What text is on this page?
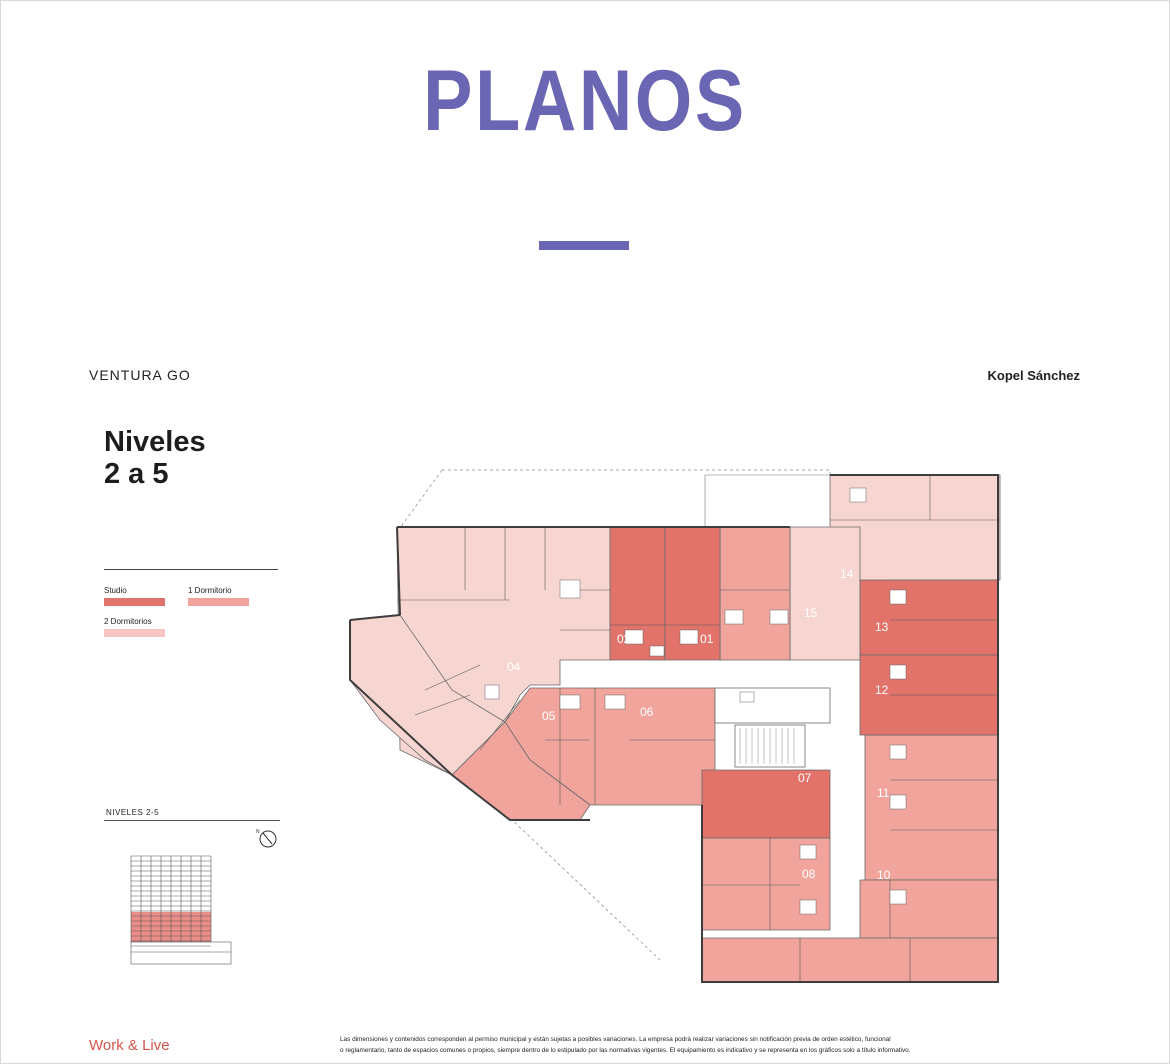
PLANOS
VENTURA GO	Kopel Sánchez
Niveles
2 a 5
Studio	1 Dormitorio
2 Dormitorios
NIVELES 2-5
N
01
02
04
05	06
07
08
09
10
11
12
13
14
15
Work & Live	Las dimensiones y contenidos corresponden al permiso municipal y están sujetas a posibles variaciones. La empresa podrá realizar variaciones sin notificación previa de orden estético, funcional
o reglamentario, tanto de espacios comunes o propios, siempre dentro de lo estipulado por las normativas vigentes. El equipamiento es indicativo y se representa en los gráficos solo a título informativo.
